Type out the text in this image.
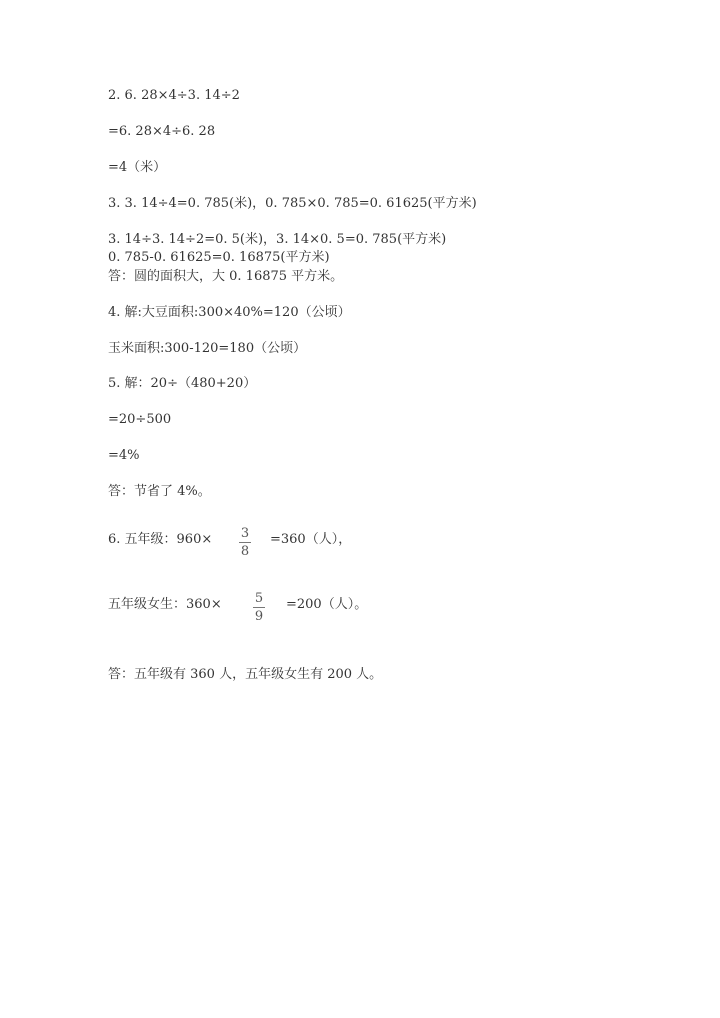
2. 6. 28×4÷3. 14÷2
=6. 28×4÷6. 28
=4（米）
3. 3. 14÷4=0. 785(米)，0. 785×0. 785=0. 61625(平方米)
3. 14÷3. 14÷2=0. 5(米)，3. 14×0. 5=0. 785(平方米)
0. 785-0. 61625=0. 16875(平方米)
答：圆的面积大，大 0. 16875 平方米。
4. 解:大豆面积:300×40%=120（公顷）
玉米面积:300-120=180（公顷）
5. 解：20÷（480+20）
=20÷500
=4%
答：节省了 4%。
6. 五年级：960× 3
8
=360（人），
五年级女生：360×	5
9
=200（人）。
答：五年级有 360 人，五年级女生有 200 人。
